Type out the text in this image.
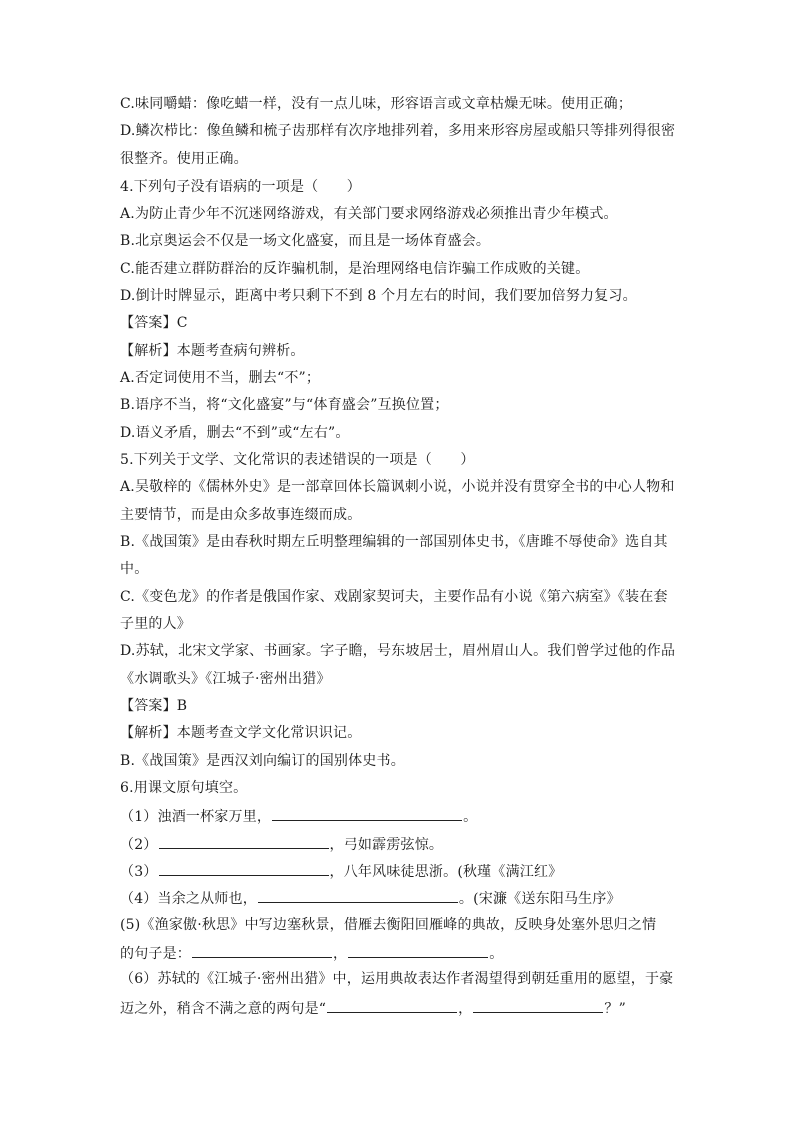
C.味同嚼蜡：像吃蜡一样，没有一点儿味，形容语言或文章枯燥无味。使用正确；
D.鳞次栉比：像鱼鳞和梳子齿那样有次序地排列着，多用来形容房屋或船只等排列得很密
很整齐。使用正确。
4.下列句子没有语病的一项是（　　）
A.为防止青少年不沉迷网络游戏，有关部门要求网络游戏必须推出青少年模式。
B.北京奥运会不仅是一场文化盛宴，而且是一场体育盛会。
C.能否建立群防群治的反诈骗机制，是治理网络电信诈骗工作成败的关键。
D.倒计时牌显示，距离中考只剩下不到 8 个月左右的时间，我们要加倍努力复习。
【答案】C
【解析】本题考查病句辨析。
A.否定词使用不当，删去“不”；
B.语序不当，将“文化盛宴”与“体育盛会”互换位置；
D.语义矛盾，删去“不到”或“左右”。
5.下列关于文学、文化常识的表述错误的一项是（　　）
A.吴敬梓的《儒林外史》是一部章回体长篇讽刺小说，小说并没有贯穿全书的中心人物和
主要情节，而是由众多故事连缀而成。
B.《战国策》是由春秋时期左丘明整理编辑的一部国别体史书，《唐雎不辱使命》选自其
中。
C.《变色龙》的作者是俄国作家、戏剧家契诃夫，主要作品有小说《第六病室》《装在套
子里的人》
D.苏轼，北宋文学家、书画家。字子瞻，号东坡居士，眉州眉山人。我们曾学过他的作品
《水调歌头》《江城子·密州出猎》
【答案】B
【解析】本题考查文学文化常识识记。
B.《战国策》是西汉刘向编订的国别体史书。
6.用课文原句填空。
（1）浊酒一杯家万里，	。
（2）	，弓如霹雳弦惊。
（3）	，八年风味徒思浙。(秋瑾《满江红》
（4）当余之从师也，	。(宋濂《送东阳马生序》
(5)《渔家傲·秋思》中写边塞秋景，借雁去衡阳回雁峰的典故，反映身处塞外思归之情
的句子是：	，	。
（6）苏轼的《江城子·密州出猎》中，运用典故表达作者渴望得到朝廷重用的愿望，于豪
迈之外，稍含不满之意的两句是“	，	？”
